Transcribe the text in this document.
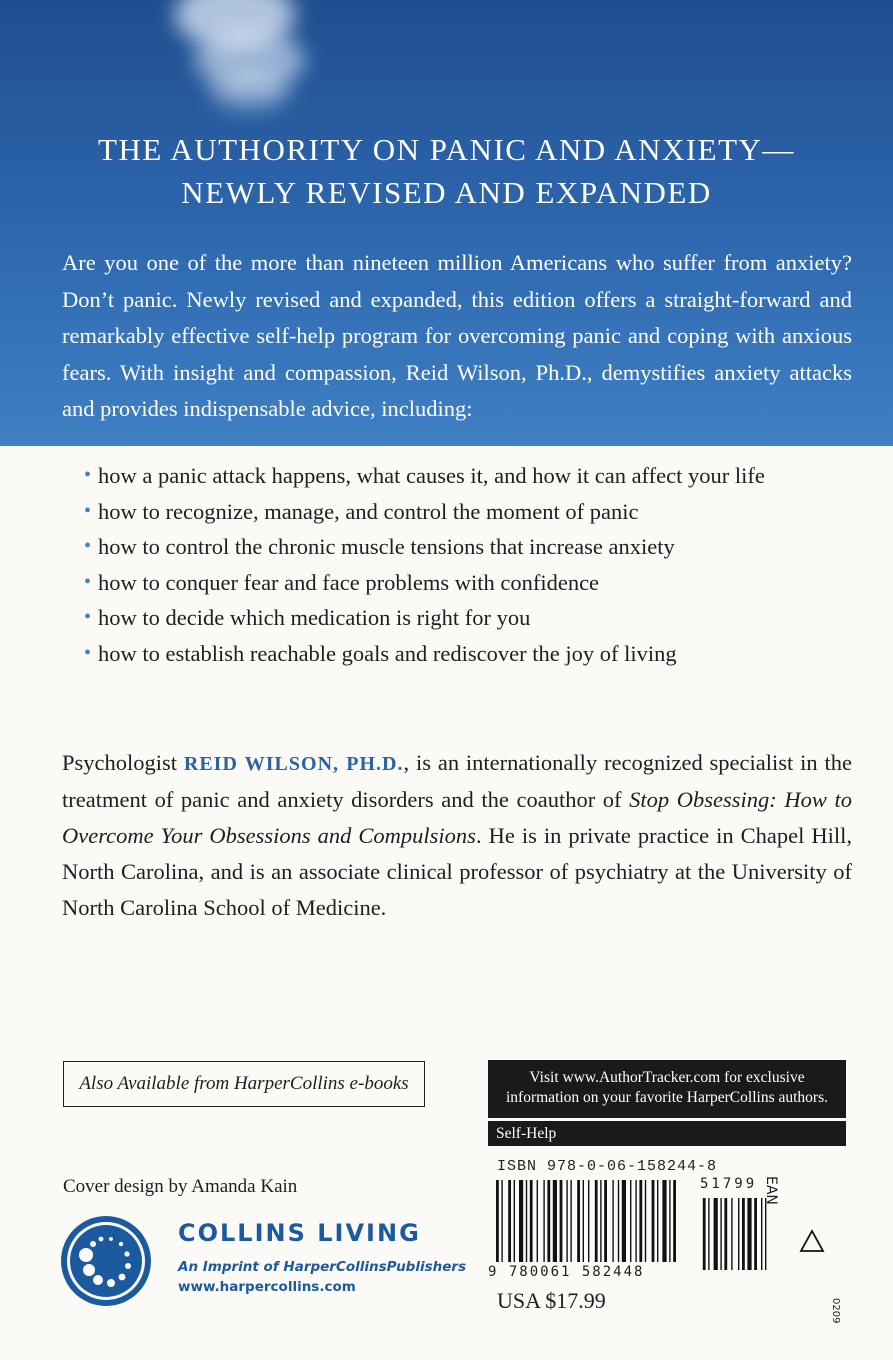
THE AUTHORITY ON PANIC AND ANXIETY—
NEWLY REVISED AND EXPANDED

Are you one of the more than nineteen million Americans who suffer from anxiety? Don’t panic. Newly revised and expanded, this edition offers a straight-forward and remarkably effective self-help program for overcoming panic and coping with anxious fears. With insight and compassion, Reid Wilson, Ph.D., demystifies anxiety attacks and provides indispensable advice, including:

• how a panic attack happens, what causes it, and how it can affect your life
• how to recognize, manage, and control the moment of panic
• how to control the chronic muscle tensions that increase anxiety
• how to conquer fear and face problems with confidence
• how to decide which medication is right for you
• how to establish reachable goals and rediscover the joy of living

Psychologist REID WILSON, PH.D., is an internationally recognized specialist in the treatment of panic and anxiety disorders and the coauthor of Stop Obsessing: How to Overcome Your Obsessions and Compulsions. He is in private practice in Chapel Hill, North Carolina, and is an associate clinical professor of psychiatry at the University of North Carolina School of Medicine.

Also Available from HarperCollins e-books
Cover design by Amanda Kain
COLLINS LIVING
An Imprint of HarperCollinsPublishers
www.harpercollins.com
Visit www.AuthorTracker.com for exclusive
information on your favorite HarperCollins authors.
Self-Help
ISBN 978-0-06-158244-8
9 780061 582448
51799 EAN
USA $17.99	0209
